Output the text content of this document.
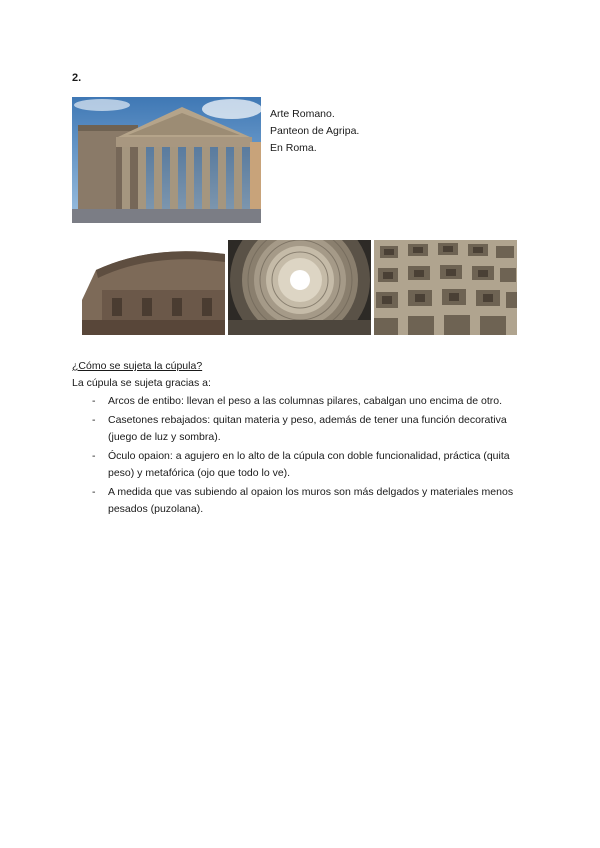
2.
Arte Romano.
Panteon de Agripa.
En Roma.
¿Cómo se sujeta la cúpula?
La cúpula se sujeta gracias a:
- Arcos de entibo: llevan el peso a las columnas pilares, cabalgan uno encima de otro.
- Casetones rebajados: quitan materia y peso, además de tener una función decorativa (juego de luz y sombra).
- Óculo opaion: a agujero en lo alto de la cúpula con doble funcionalidad, práctica (quita peso) y metafórica (ojo que todo lo ve).
- A medida que vas subiendo al opaion los muros son más delgados y materiales menos pesados (puzolana).
